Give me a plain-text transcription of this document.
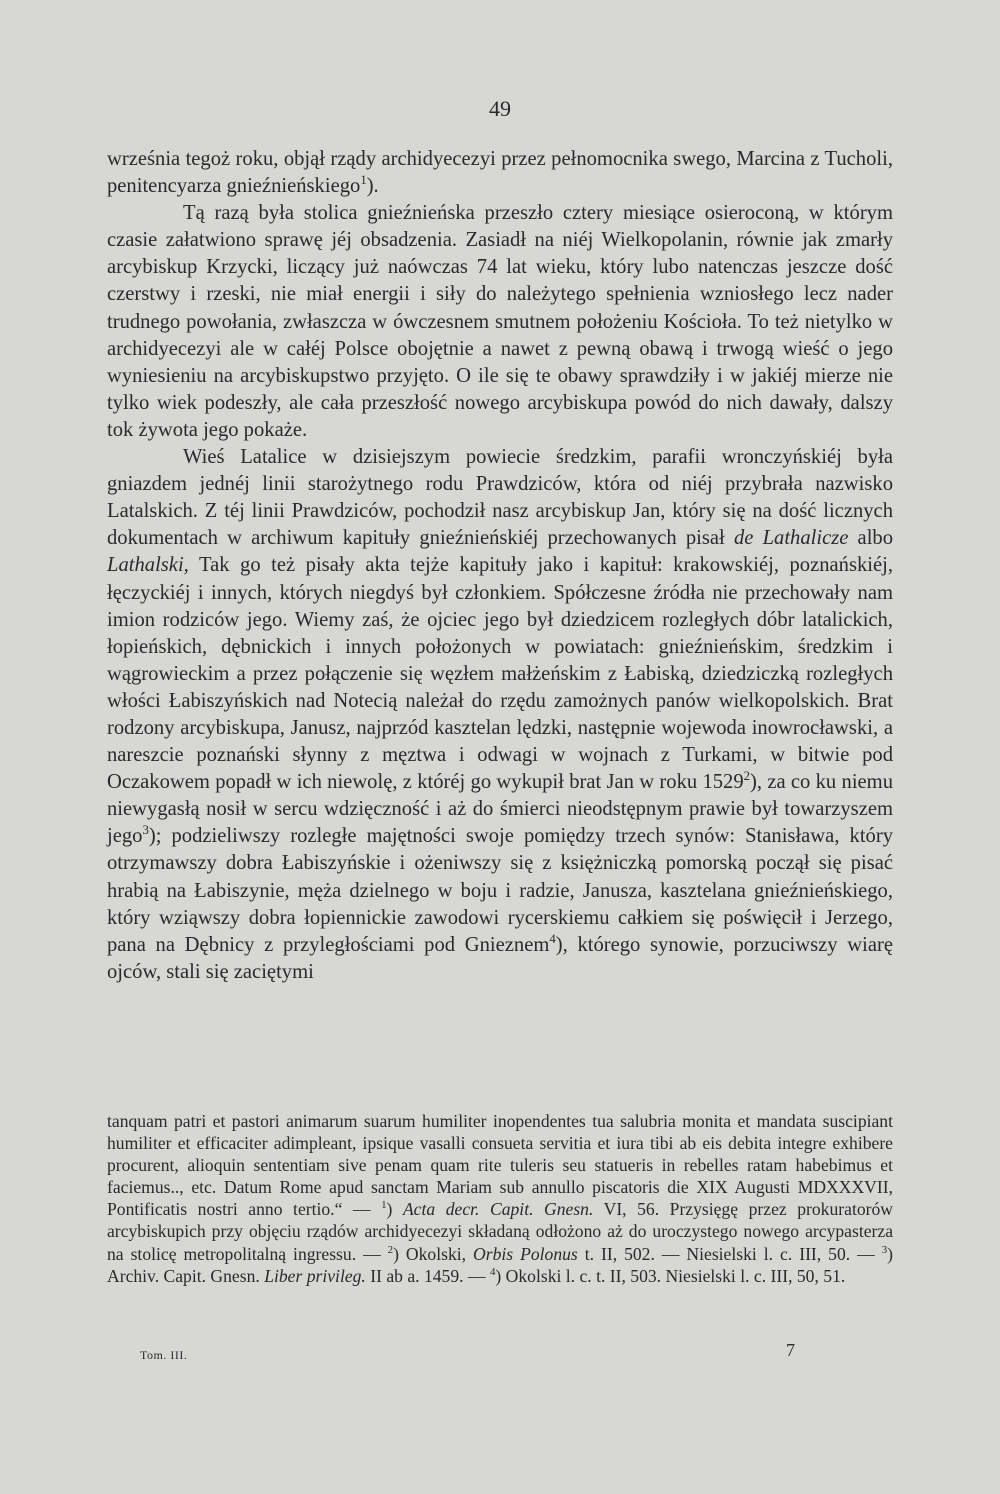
49

września tegoż roku, objął rządy archidyecezyi przez pełnomocnika swego, Marcina z Tucholi, penitencyarza gnieźnieńskiego$^1$).

Tą razą była stolica gnieźnieńska przeszło cztery miesiące osieroconą, w którym czasie załatwiono sprawę jéj obsadzenia. Zasiadł na niéj Wielkopolanin, równie jak zmarły arcybiskup Krzycki, liczący już naówczas 74 lat wieku, który lubo natenczas jeszcze dość czerstwy i rzeski, nie miał energii i siły do należytego spełnienia wzniosłego lecz nader trudnego powołania, zwłaszcza w ówczesnem smutnem położeniu Kościoła. To też nietylko w archidyecezyi ale w całéj Polsce obojętnie a nawet z pewną obawą i trwogą wieść o jego wyniesieniu na arcybiskupstwo przyjęto. O ile się te obawy sprawdziły i w jakiéj mierze nie tylko wiek podeszły, ale cała przeszłość nowego arcybiskupa powód do nich dawały, dalszy tok żywota jego pokaże.

Wieś Latalice w dzisiejszym powiecie średzkim, parafii wronczyńskiéj była gniazdem jednéj linii starożytnego rodu Prawdziców, która od niéj przybrała nazwisko Latalskich. Z téj linii Prawdziców, pochodził nasz arcybiskup Jan, który się na dość licznych dokumentach w archiwum kapituły gnieźnieńskiéj przechowanych pisał de Lathalicze albo Lathalski, Tak go też pisały akta tejże kapituły jako i kapituł: krakowskiéj, poznańskiéj, łęczyckiéj i innych, których niegdyś był członkiem. Spółczesne źródła nie przechowały nam imion rodziców jego. Wiemy zaś, że ojciec jego był dziedzicem rozległych dóbr latalickich, łopieńskich, dębnickich i innych położonych w powiatach: gnieźnieńskim, średzkim i wągrowieckim a przez połączenie się węzłem małżeńskim z Łabiską, dziedziczką rozległych włości Łabiszyńskich nad Notecią należał do rzędu zamożnych panów wielkopolskich. Brat rodzony arcybiskupa, Janusz, najprzód kasztelan lędzki, następnie wojewoda inowrocławski, a nareszcie poznański słynny z męztwa i odwagi w wojnach z Turkami, w bitwie pod Oczakowem popadł w ich niewolę, z któréj go wykupił brat Jan w roku 1529$^2$), za co ku niemu niewygasłą nosił w sercu wdzięczność i aż do śmierci nieodstępnym prawie był towarzyszem jego$^3$); podzieliwszy rozległe majętności swoje pomiędzy trzech synów: Stanisława, który otrzymawszy dobra Łabiszyńskie i ożeniwszy się z księżniczką pomorską począł się pisać hrabią na Łabiszynie, męża dzielnego w boju i radzie, Janusza, kasztelana gnieźnieńskiego, który wziąwszy dobra łopiennickie zawodowi rycerskiemu całkiem się poświęcił i Jerzego, pana na Dębnicy z przyległościami pod Gnieznem$^4$), którego synowie, porzuciwszy wiarę ojców, stali się zaciętymi

tanquam patri et pastori animarum suarum humiliter inopendentes tua salubria monita et mandata suscipiant humiliter et efficaciter adimpleant, ipsique vasalli consueta servitia et iura tibi ab eis debita integre exhibere procurent, alioquin sententiam sive penam quam rite tuleris seu statueris in rebelles ratam habebimus et faciemus.., etc. Datum Rome apud sanctam Mariam sub annullo piscatoris die XIX Augusti MDXXXVII, Pontificatis nostri anno tertio.“ — $^1$) Acta decr. Capit. Gnesn. VI, 56. Przysięgę przez prokuratorów arcybiskupich przy objęciu rządów archidyecezyi składaną odłożono aż do uroczystego nowego arcypasterza na stolicę metropolitalną ingressu. — $^2$) Okolski, Orbis Polonus t. II, 502. — Niesielski l. c. III, 50. — $^3$) Archiv. Capit. Gnesn. Liber privileg. II ab a. 1459. — $^4$) Okolski l. c. t. II, 503. Niesielski l. c. III, 50, 51.

Tom. III.	7
